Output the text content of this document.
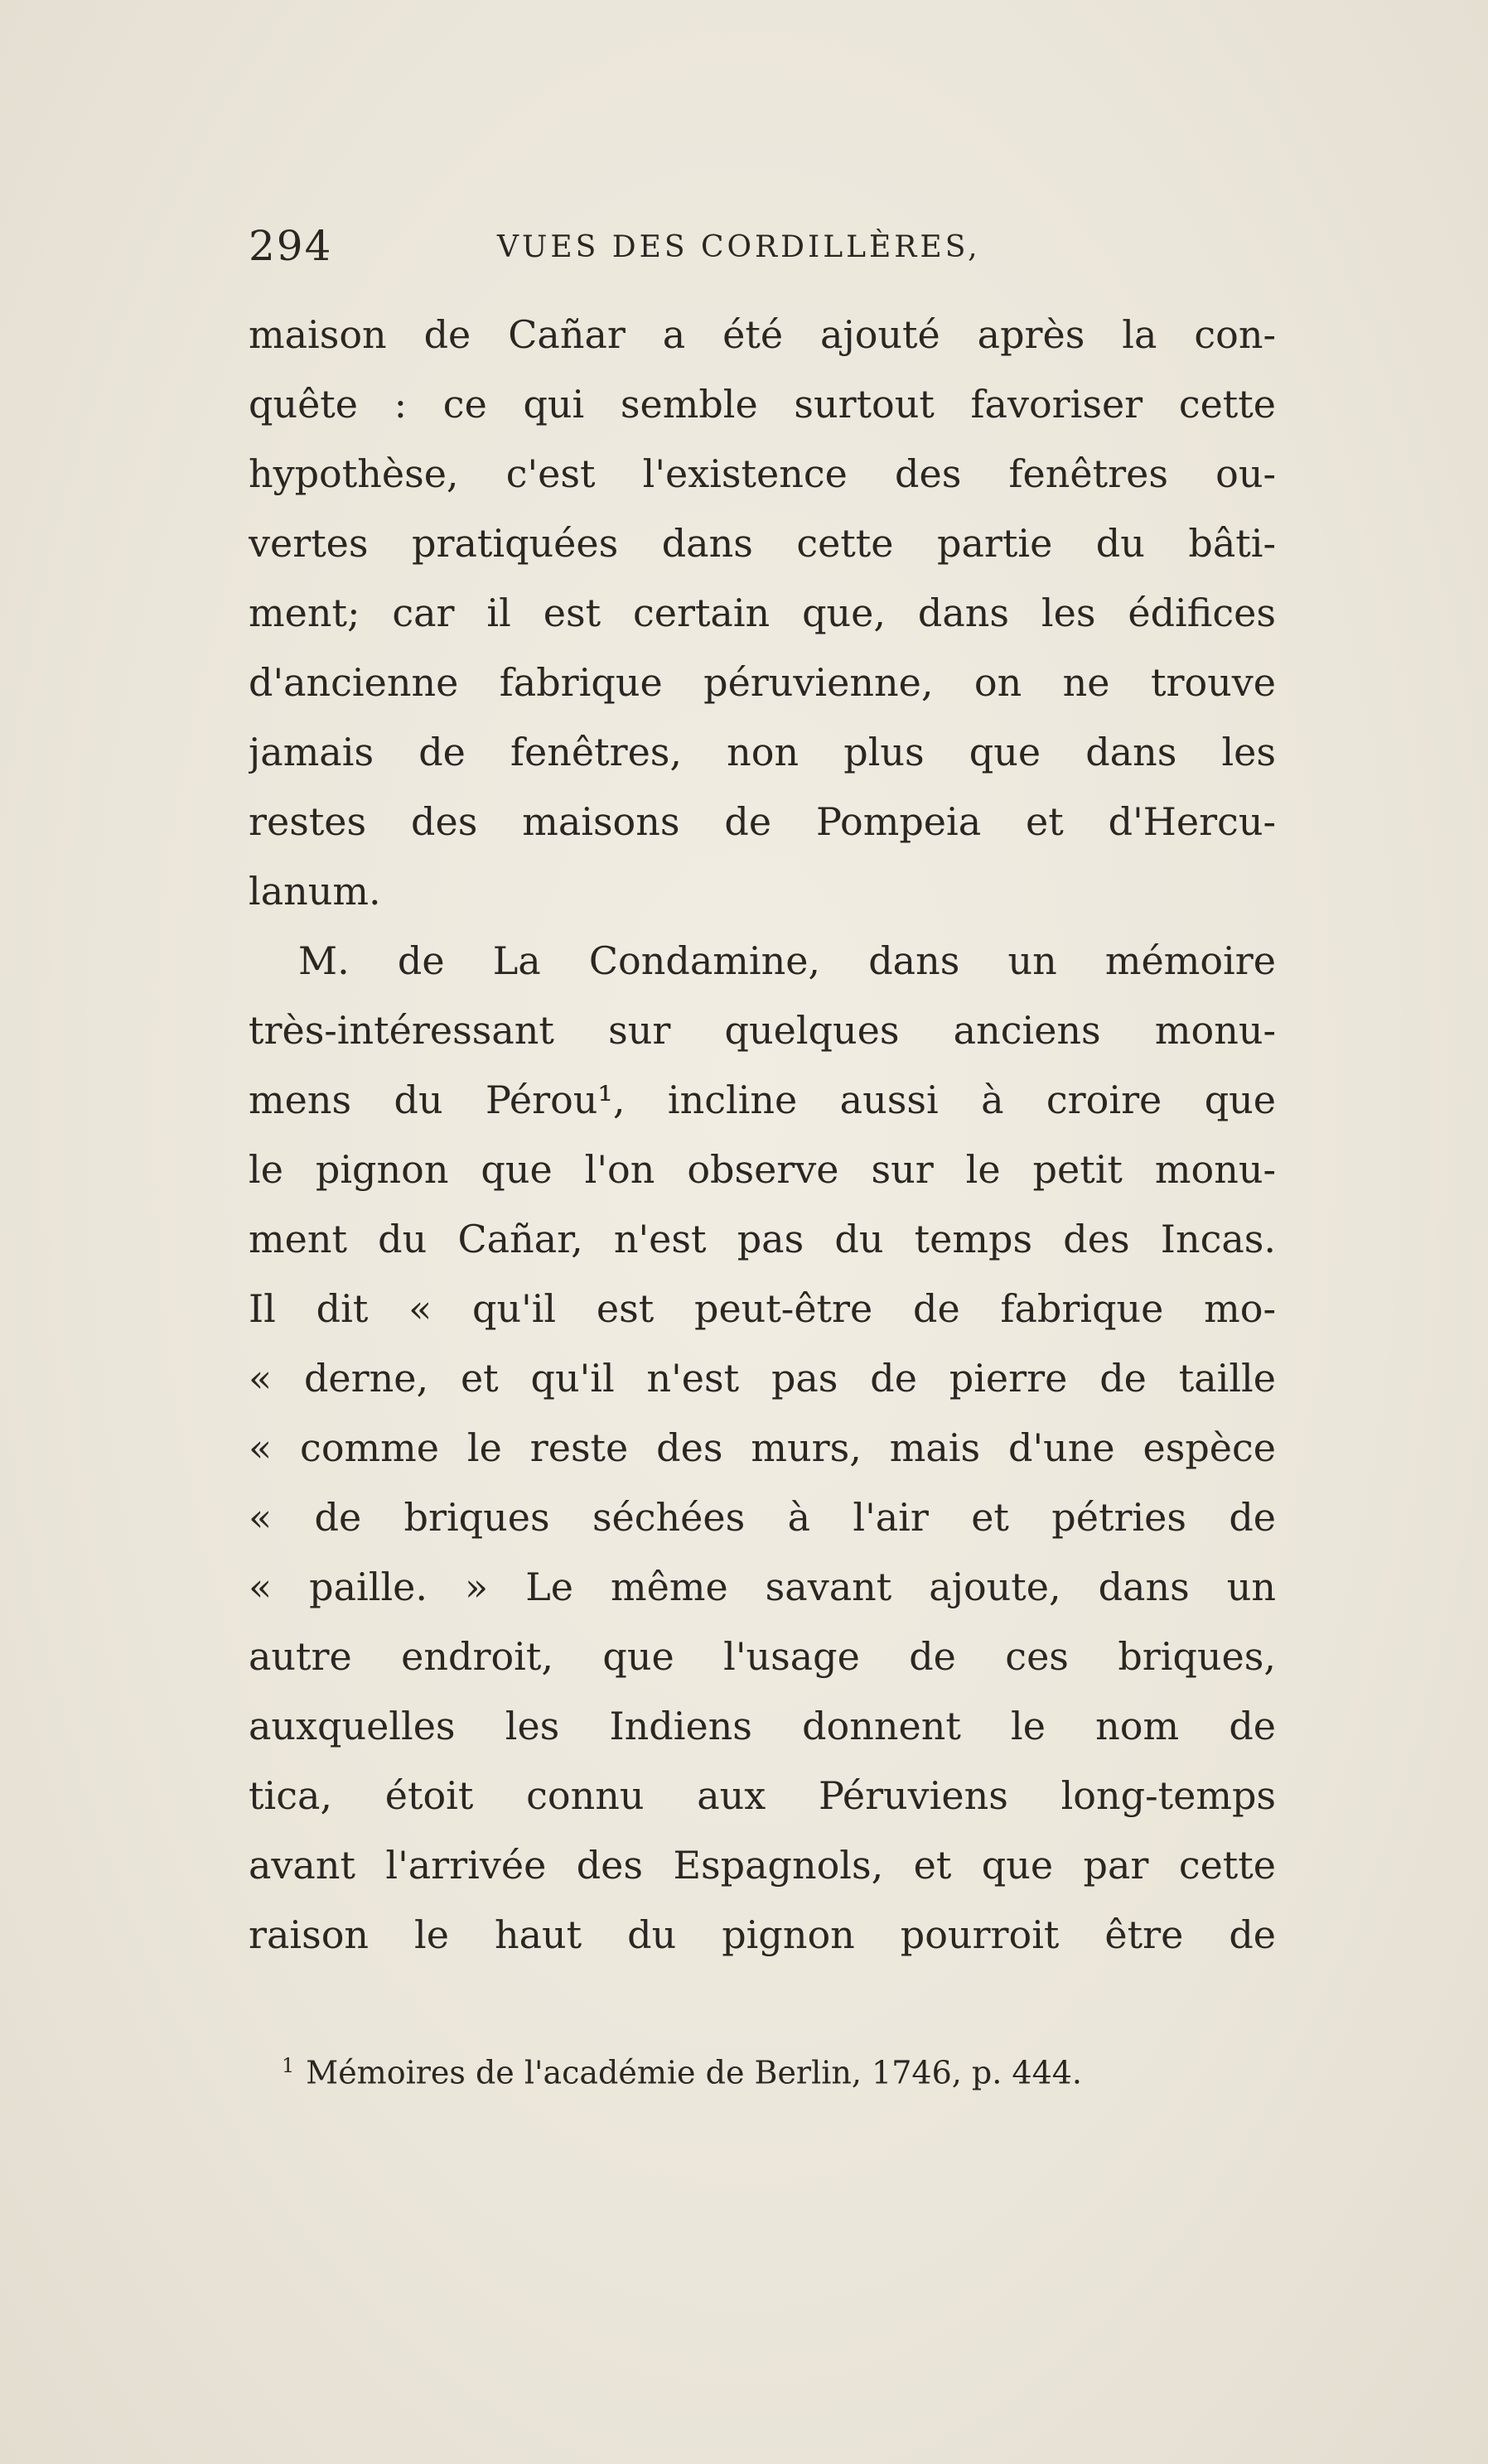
294	VUES DES CORDILLÈRES,
maison de Cañar a été ajouté après la con-
quête : ce qui semble surtout favoriser cette
hypothèse, c'est l'existence des fenêtres ou-
vertes pratiquées dans cette partie du bâti-
ment; car il est certain que, dans les édifices
d'ancienne fabrique péruvienne, on ne trouve
jamais de fenêtres, non plus que dans les
restes des maisons de Pompeia et d'Hercu-
lanum.
M. de La Condamine, dans un mémoire
très-intéressant sur quelques anciens monu-
mens du Pérou¹, incline aussi à croire que
le pignon que l'on observe sur le petit monu-
ment du Cañar, n'est pas du temps des Incas.
Il dit « qu'il est peut-être de fabrique mo-
« derne, et qu'il n'est pas de pierre de taille
« comme le reste des murs, mais d'une espèce
« de briques séchées à l'air et pétries de
« paille. » Le même savant ajoute, dans un
autre endroit, que l'usage de ces briques,
auxquelles les Indiens donnent le nom de
tica, étoit connu aux Péruviens long-temps
avant l'arrivée des Espagnols, et que par cette
raison le haut du pignon pourroit être de
$^1$ Mémoires de l'académie de Berlin, 1746, p. 444.
